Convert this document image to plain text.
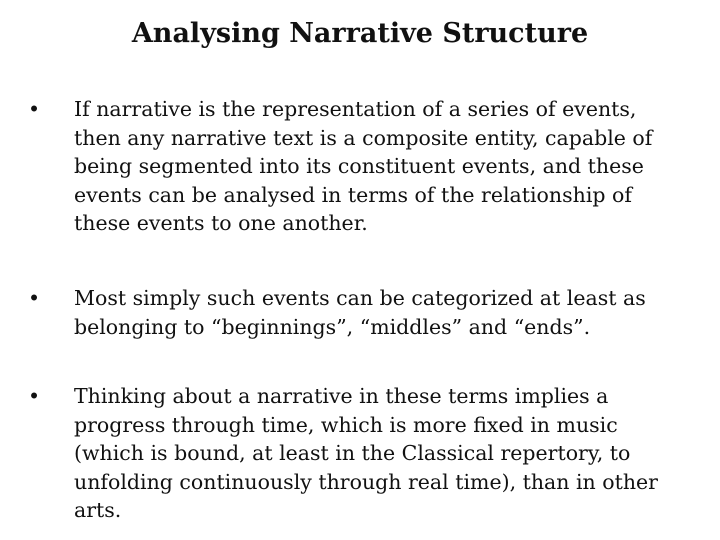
Analysing Narrative Structure
• If narrative is the representation of a series of events,
then any narrative text is a composite entity, capable of
being segmented into its constituent events, and these
events can be analysed in terms of the relationship of
these events to one another.
• Most simply such events can be categorized at least as
belonging to “beginnings”, “middles” and “ends”.
• Thinking about a narrative in these terms implies a
progress through time, which is more fixed in music
(which is bound, at least in the Classical repertory, to
unfolding continuously through real time), than in other
arts.
